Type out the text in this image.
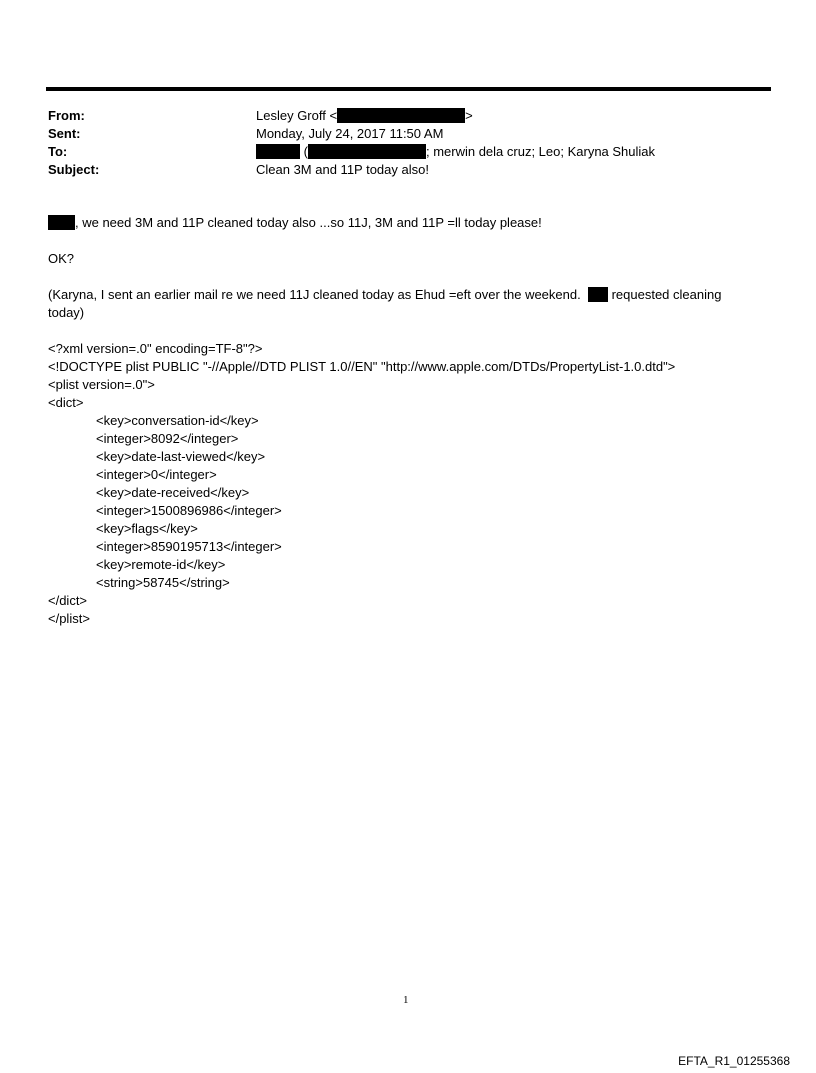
From:	Lesley Groff <	>
Sent:	Monday, July 24, 2017 11:50 AM
To:	(	; merwin dela cruz; Leo; Karyna Shuliak
Subject:	Clean 3M and 11P today also!

, we need 3M and 11P cleaned today also ...so 11J, 3M and 11P =ll today please!

OK?

(Karyna, I sent an earlier mail re we need 11J cleaned today as Ehud =eft over the weekend. requested cleaning
today)

<?xml version=.0" encoding=TF-8"?>

<!DOCTYPE plist PUBLIC "-//Apple//DTD PLIST 1.0//EN" "http://www.apple.com/DTDs/PropertyList-1.0.dtd">

<plist version=.0">

<dict>

<key>conversation-id</key>

<integer>8092</integer>

<key>date-last-viewed</key>

<integer>0</integer>

<key>date-received</key>

<integer>1500896986</integer>

<key>flags</key>

<integer>8590195713</integer>

<key>remote-id</key>

<string>58745</string>

</dict>

</plist>

1
EFTA_R1_01255368
